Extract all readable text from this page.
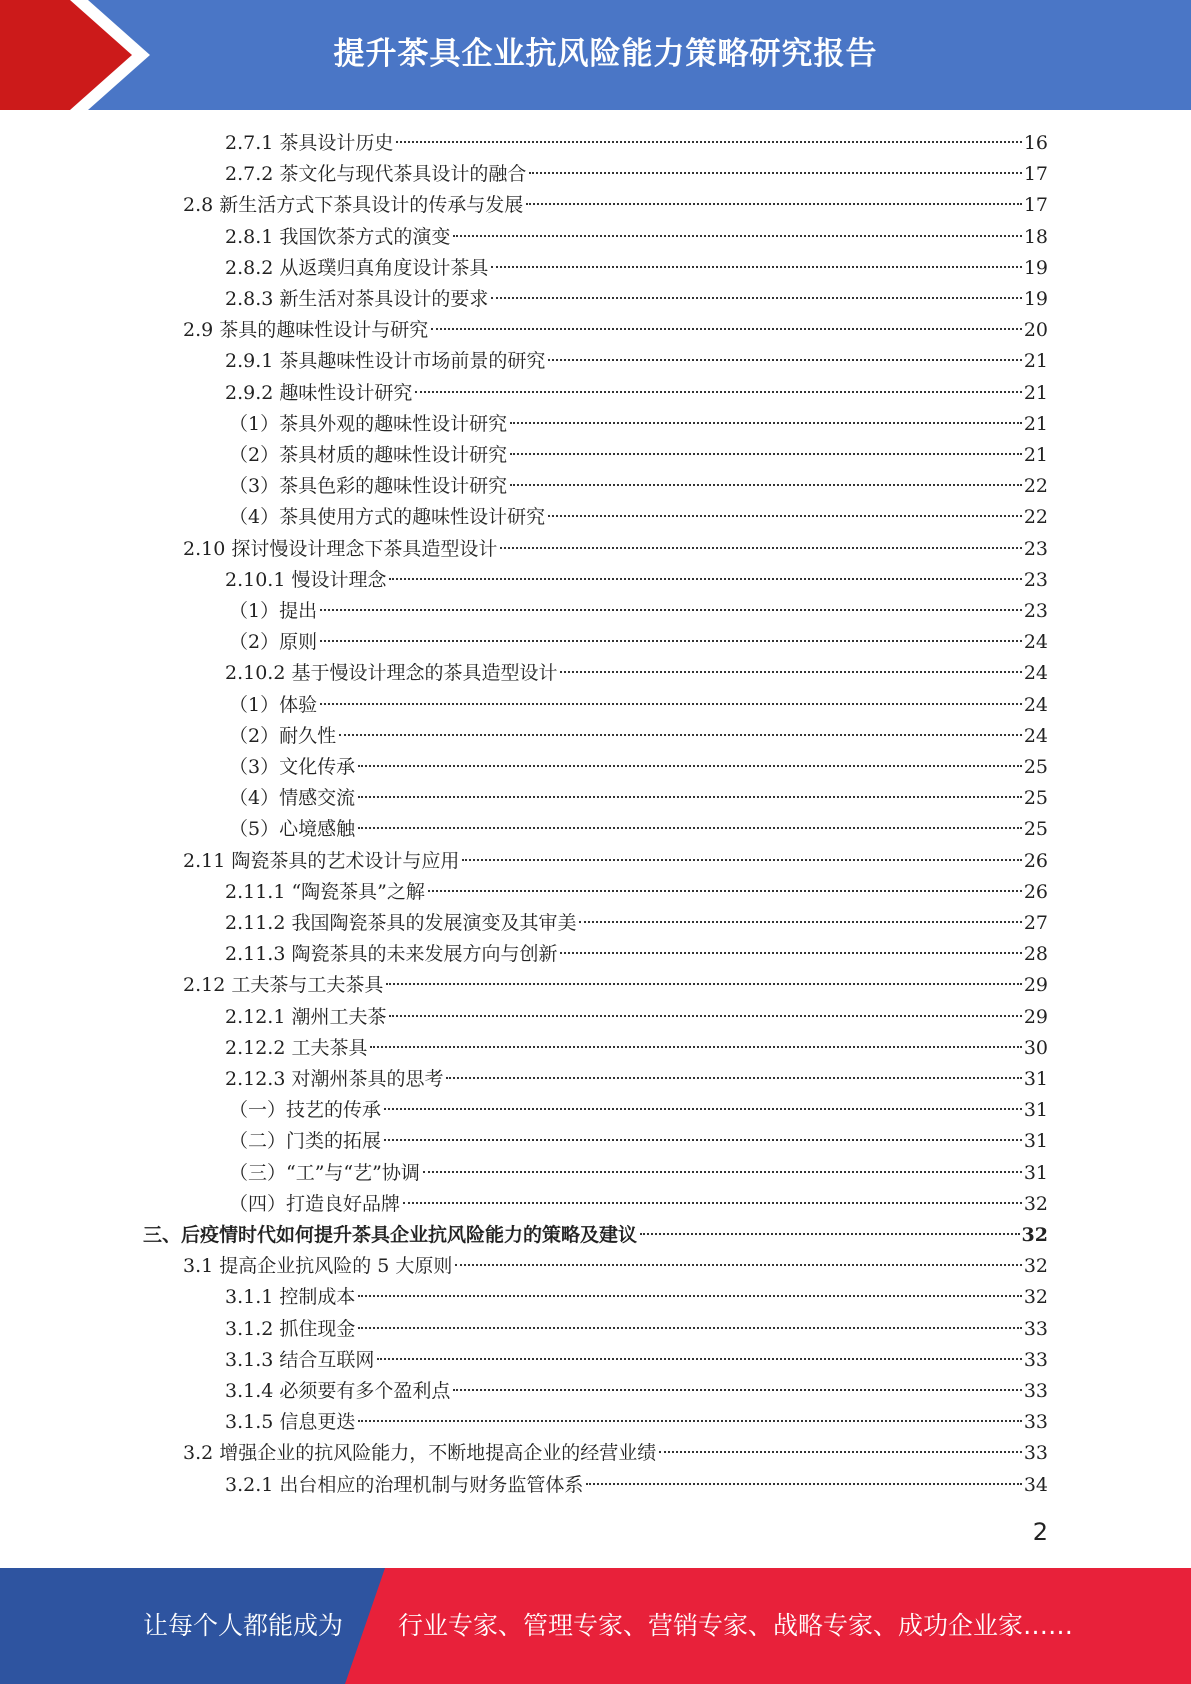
提升茶具企业抗风险能力策略研究报告
2.7.1 茶具设计历史	16
2.7.2 茶文化与现代茶具设计的融合	17
2.8 新生活方式下茶具设计的传承与发展	17
2.8.1 我国饮茶方式的演变	18
2.8.2 从返璞归真角度设计茶具	19
2.8.3 新生活对茶具设计的要求	19
2.9 茶具的趣味性设计与研究	20
2.9.1 茶具趣味性设计市场前景的研究	21
2.9.2 趣味性设计研究	21
（1）茶具外观的趣味性设计研究	21
（2）茶具材质的趣味性设计研究	21
（3）茶具色彩的趣味性设计研究	22
（4）茶具使用方式的趣味性设计研究	22
2.10 探讨慢设计理念下茶具造型设计	23
2.10.1 慢设计理念	23
（1）提出	23
（2）原则	24
2.10.2 基于慢设计理念的茶具造型设计	24
（1）体验	24
（2）耐久性	24
（3）文化传承	25
（4）情感交流	25
（5）心境感触	25
2.11 陶瓷茶具的艺术设计与应用	26
2.11.1 “陶瓷茶具”之解	26
2.11.2 我国陶瓷茶具的发展演变及其审美	27
2.11.3 陶瓷茶具的未来发展方向与创新	28
2.12 工夫茶与工夫茶具	29
2.12.1 潮州工夫茶	29
2.12.2 工夫茶具	30
2.12.3 对潮州茶具的思考	31
（一）技艺的传承	31
（二）门类的拓展	31
（三）“工”与“艺”协调	31
（四）打造良好品牌	32
三、后疫情时代如何提升茶具企业抗风险能力的策略及建议	32
3.1 提高企业抗风险的 5 大原则	32
3.1.1 控制成本	32
3.1.2 抓住现金	33
3.1.3 结合互联网	33
3.1.4 必须要有多个盈利点	33
3.1.5 信息更迭	33
3.2 增强企业的抗风险能力，不断地提高企业的经营业绩	33
3.2.1 出台相应的治理机制与财务监管体系	34
2
让每个人都能成为 行业专家、管理专家、营销专家、战略专家、成功企业家……
